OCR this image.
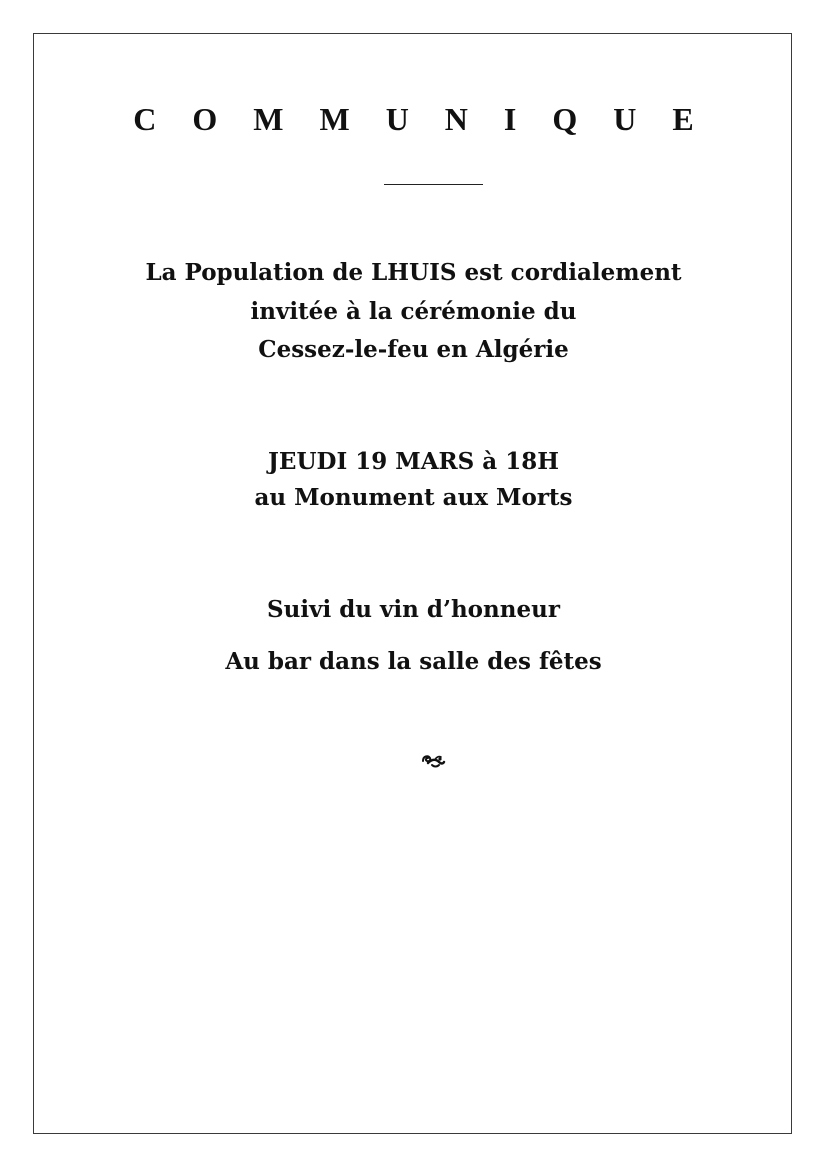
C O M M U N I Q U E
La Population de LHUIS est cordialement
invitée à la cérémonie du
Cessez-le-feu en Algérie
JEUDI 19 MARS à 18H
au Monument aux Morts
Suivi du vin d’honneur
Au bar dans la salle des fêtes
